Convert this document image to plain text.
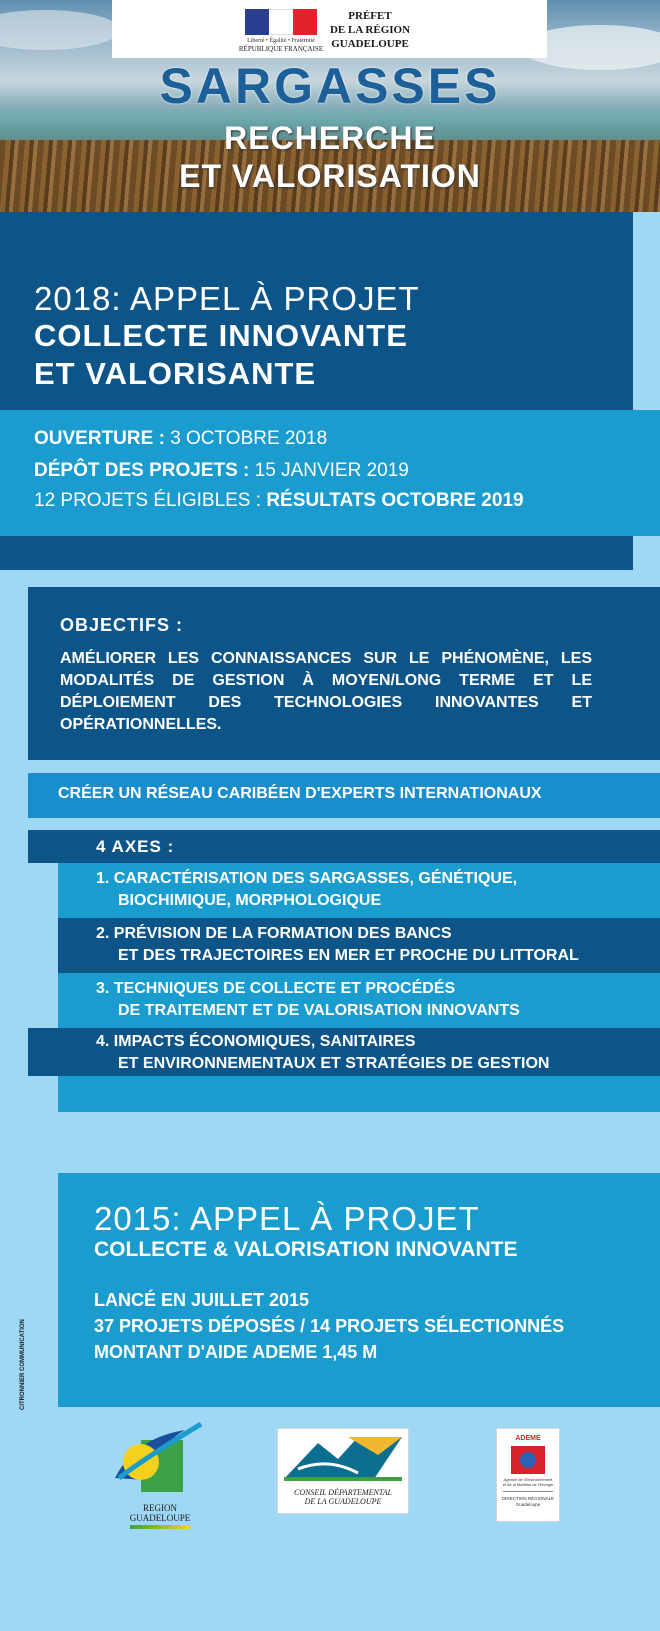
Liberté • Égalité • Fraternité
RÉPUBLIQUE FRANÇAISE
PRÉFET
DE LA RÉGION
GUADELOUPE
SARGASSES
RECHERCHE
ET VALORISATION
2018: APPEL À PROJET
COLLECTE INNOVANTE
ET VALORISANTE
OUVERTURE : 3 OCTOBRE 2018
DÉPÔT DES PROJETS : 15 JANVIER 2019
12 PROJETS ÉLIGIBLES : RÉSULTATS OCTOBRE 2019
OBJECTIFS :
AMÉLIORER LES CONNAISSANCES SUR LE PHÉNOMÈNE, LES MODALITÉS DE GESTION À MOYEN/LONG TERME ET LE DÉPLOIEMENT DES TECHNOLOGIES INNOVANTES ET OPÉRATIONNELLES.
CRÉER UN RÉSEAU CARIBÉEN D'EXPERTS INTERNATIONAUX
4 AXES :
1. CARACTÉRISATION DES SARGASSES, GÉNÉTIQUE,
BIOCHIMIQUE, MORPHOLOGIQUE
2. PRÉVISION DE LA FORMATION DES BANCS
ET DES TRAJECTOIRES EN MER ET PROCHE DU LITTORAL
3. TECHNIQUES DE COLLECTE ET PROCÉDÉS
DE TRAITEMENT ET DE VALORISATION INNOVANTS
4. IMPACTS ÉCONOMIQUES, SANITAIRES
ET ENVIRONNEMENTAUX ET STRATÉGIES DE GESTION
2015: APPEL À PROJET
COLLECTE & VALORISATION INNOVANTE
LANCÉ EN JUILLET 2015
37 PROJETS DÉPOSÉS / 14 PROJETS SÉLECTIONNÉS
MONTANT D'AIDE ADEME 1,45 M
CITRONNIER COMMUNICATION
REGION
GUADELOUPE
CONSEIL DÉPARTEMENTAL
DE LA GUADELOUPE
ADEME
Agence de l'Environnement
et de la Maîtrise de l'Energie
DIRECTION RÉGIONALE
Guadeloupe
